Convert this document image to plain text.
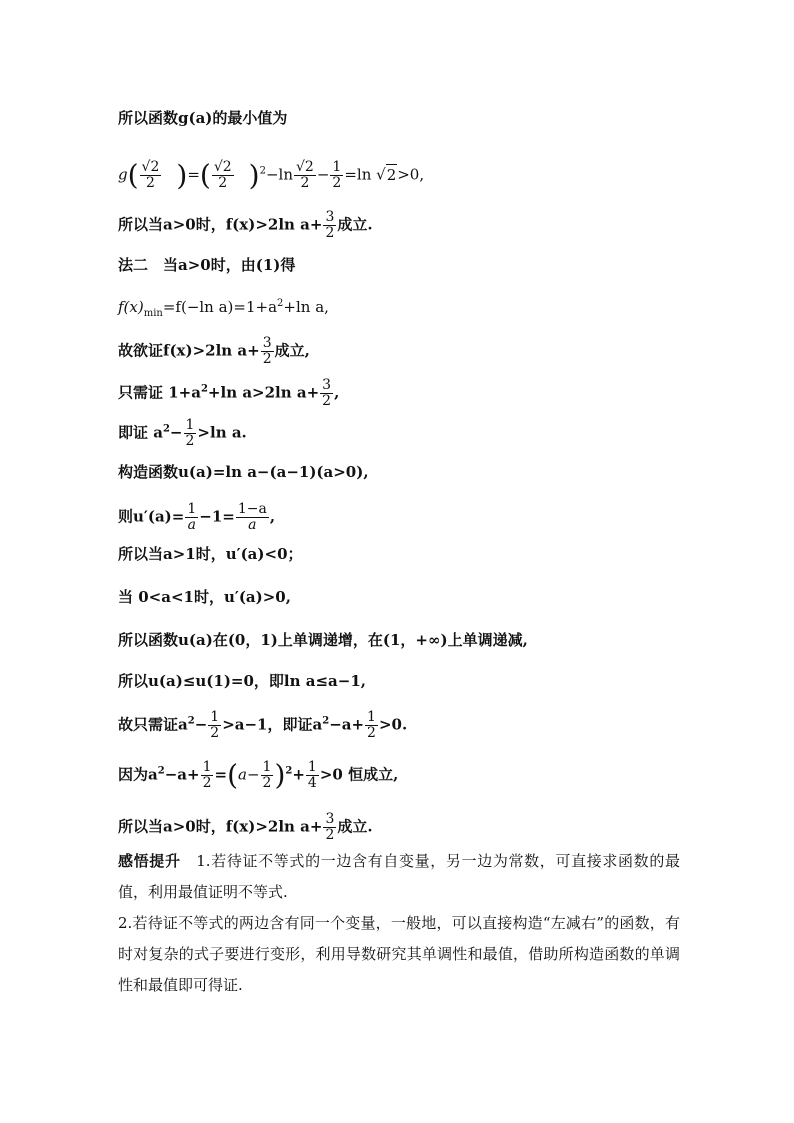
所以函数g(a)的最小值为
$g( \frac{√2}{2}$ )=( $\frac{√2}{2} )^2-\ln \frac{√2}{2} - \frac{1}{2} =\ln$ √2>0,
所以当a>0时，f(x)>2ln $a+ \frac{3}{2}$ 成立.
法二　当a>0时，由(1)得
$f(x)_{min}=f(-\ln$ $a)=1+a^2+\ln$ a,
故欲证f(x)>2ln $a+ \frac{3}{2}$ 成立,
只需证 $1+a^2+\ln$ a>2ln $a+ \frac{3}{2}$ ,
即证 $a^2- \frac{1}{2} >\ln$ a.
构造函数u(a)=ln a−(a−1)(a>0),
则$u'(a)= \frac{1}{a} -1= \frac{1-a}{a}$ ,
所以当a>1时，u′(a)<0；
当 0<a<1时，u′(a)>0,
所以函数u(a)在(0，1)上单调递增，在(1，+∞)上单调递减,
所以u(a)≤u(1)=0，即ln a≤a−1,
故只需证$a^2- \frac{1}{2} >a-1$，即证$a^2-a+ \frac{1}{2} >0$.
因为$a^2-a+ \frac{1}{2} =(a- \frac{1}{2} )^2+ \frac{1}{4} >0$ 恒成立,
所以当a>0时，f(x)>2ln $a+ \frac{3}{2}$ 成立.
感悟提升　1.若待证不等式的一边含有自变量，另一边为常数，可直接求函数的最值，利用最值证明不等式.
2.若待证不等式的两边含有同一个变量，一般地，可以直接构造“左减右”的函数，有时对复杂的式子要进行变形，利用导数研究其单调性和最值，借助所构造函数的单调性和最值即可得证.
